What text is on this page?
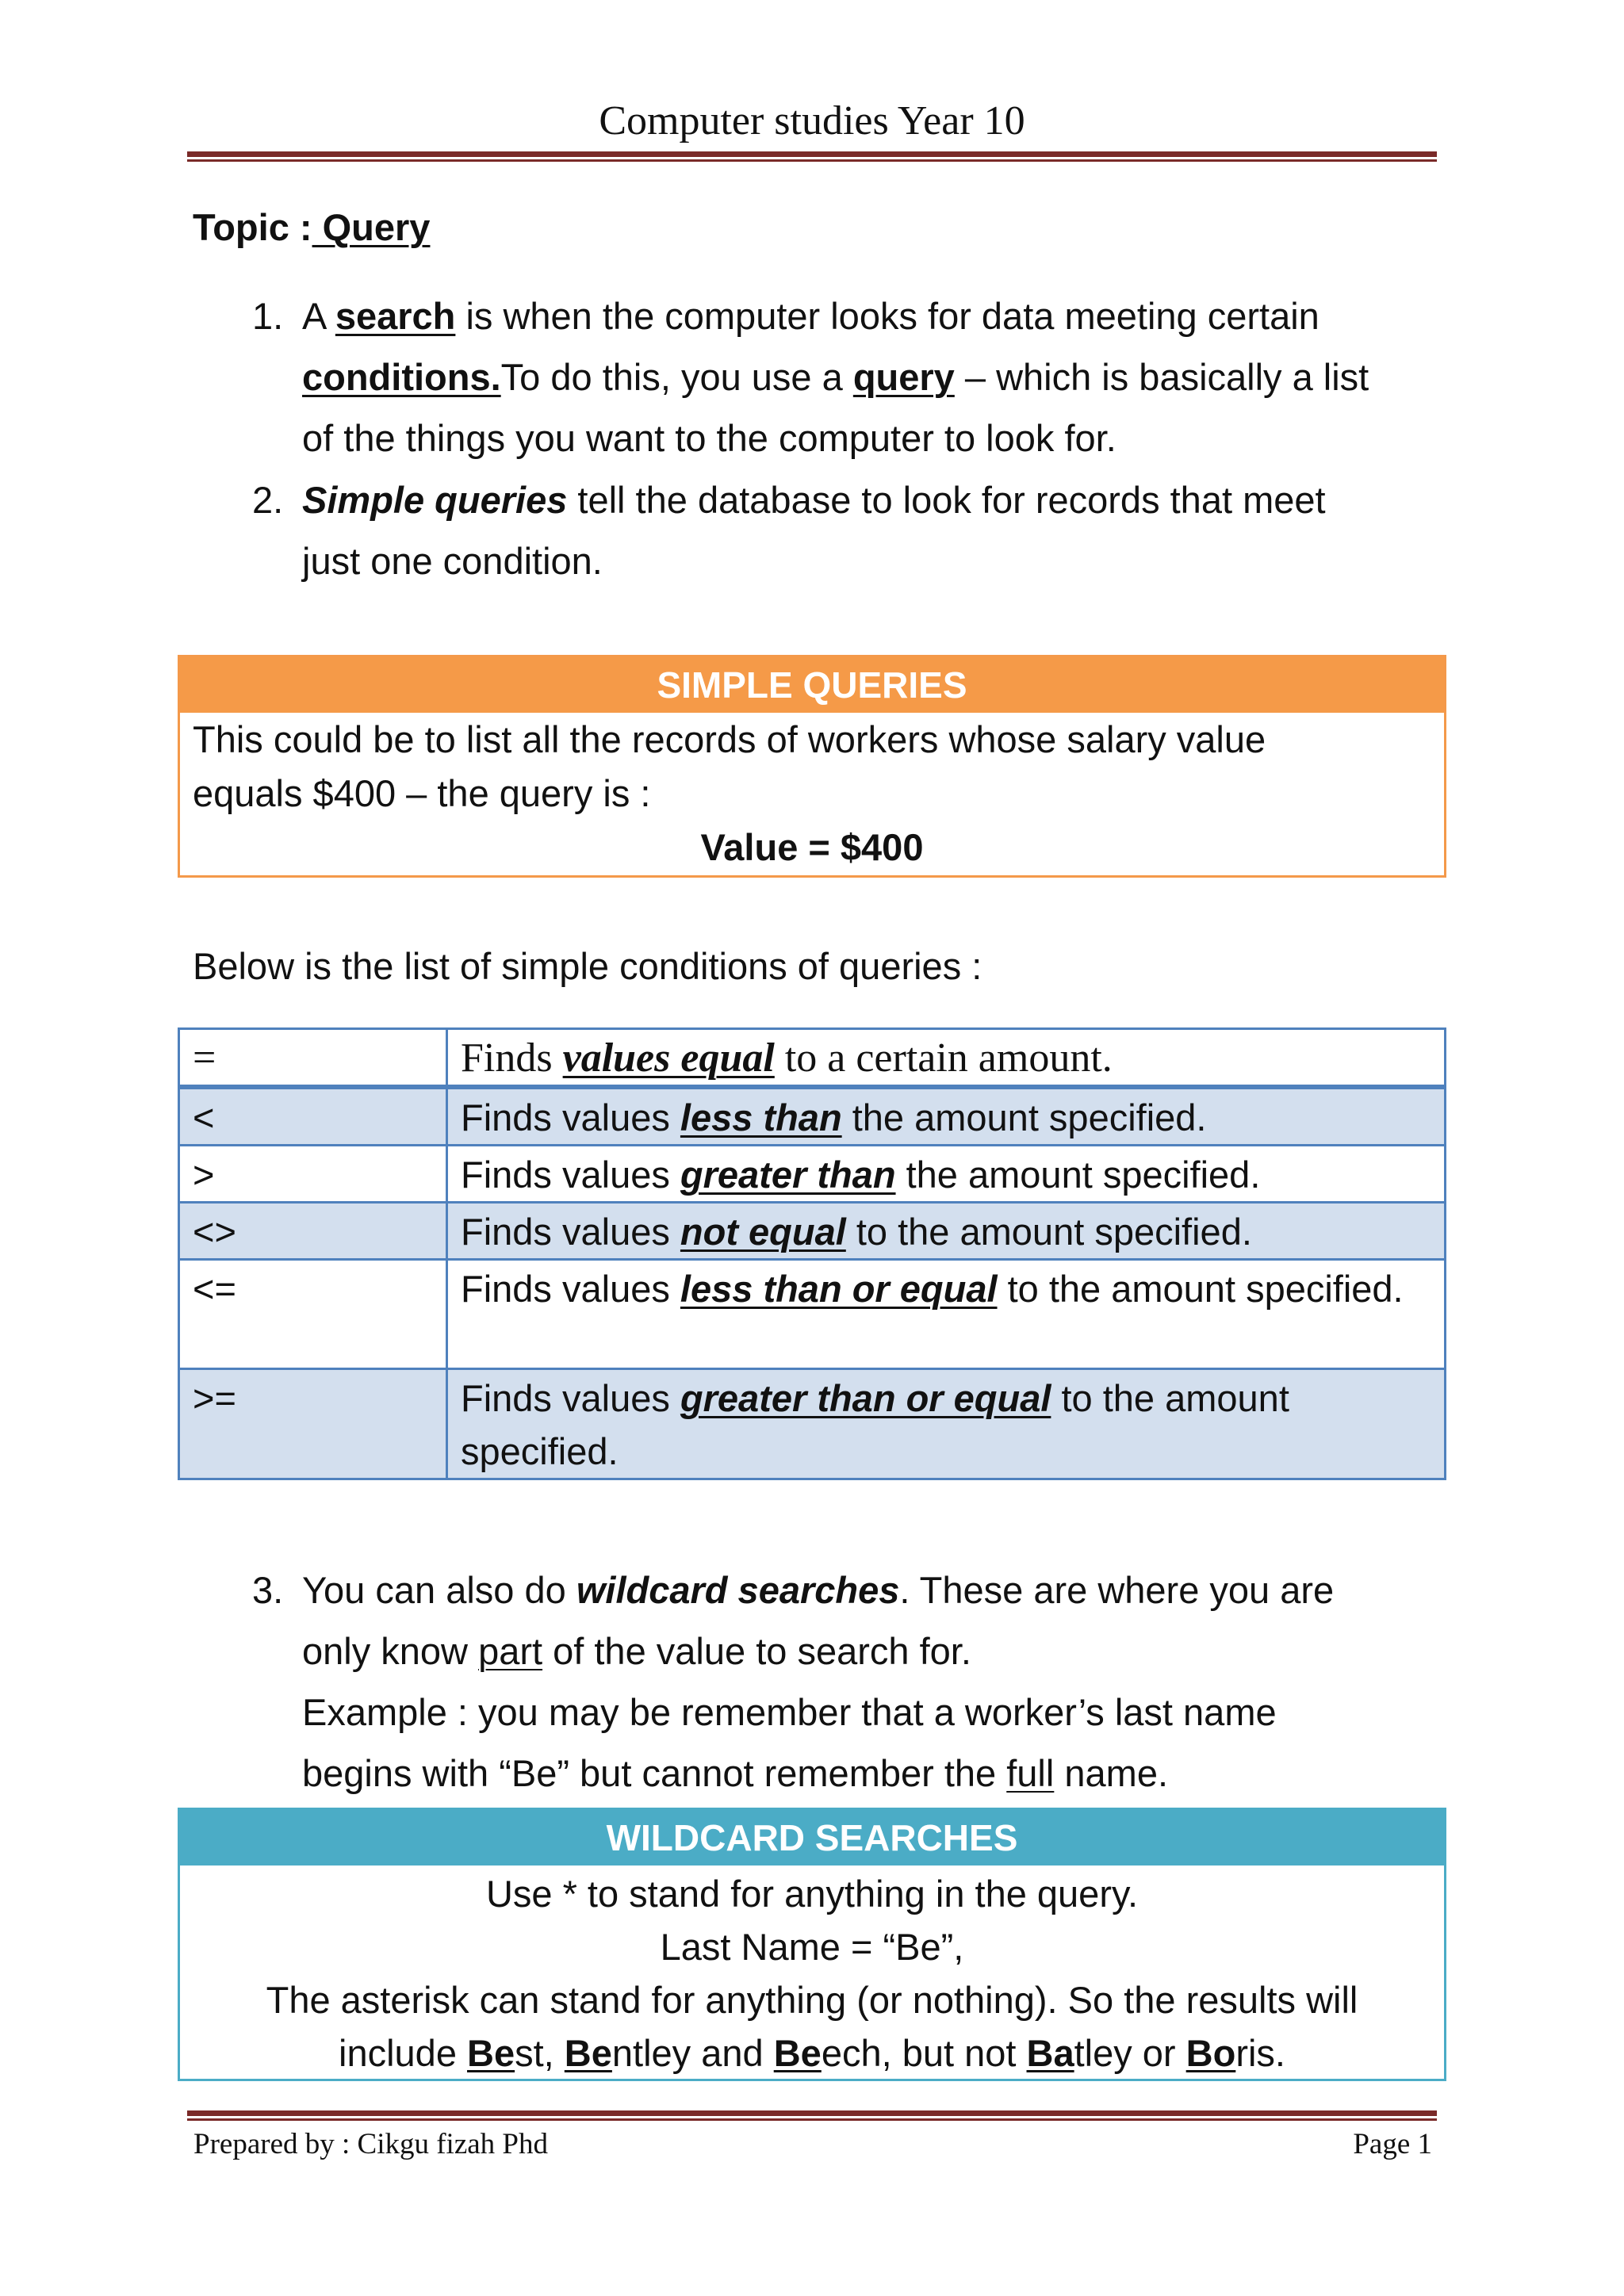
Computer studies Year 10
Topic : Query
1. A search is when the computer looks for data meeting certain
conditions.To do this, you use a query – which is basically a list
of the things you want to the computer to look for.
2. Simple queries tell the database to look for records that meet
just one condition.
SIMPLE QUERIES
This could be to list all the records of workers whose salary value
equals $400 – the query is :
Value = $400
Below is the list of simple conditions of queries :
=	Finds values equal to a certain amount.
<	Finds values less than the amount specified.
>	Finds values greater than the amount specified.
<>	Finds values not equal to the amount specified.
<=	Finds values less than or equal to the amount specified.
>=	Finds values greater than or equal to the amount specified.
3. You can also do wildcard searches. These are where you are
only know part of the value to search for.
Example : you may be remember that a worker’s last name
begins with “Be” but cannot remember the full name.
WILDCARD SEARCHES
Use * to stand for anything in the query.
Last Name = “Be”,
The asterisk can stand for anything (or nothing). So the results will
include Best, Bentley and Beech, but not Batley or Boris.
Prepared by : Cikgu fizah Phd	Page 1
